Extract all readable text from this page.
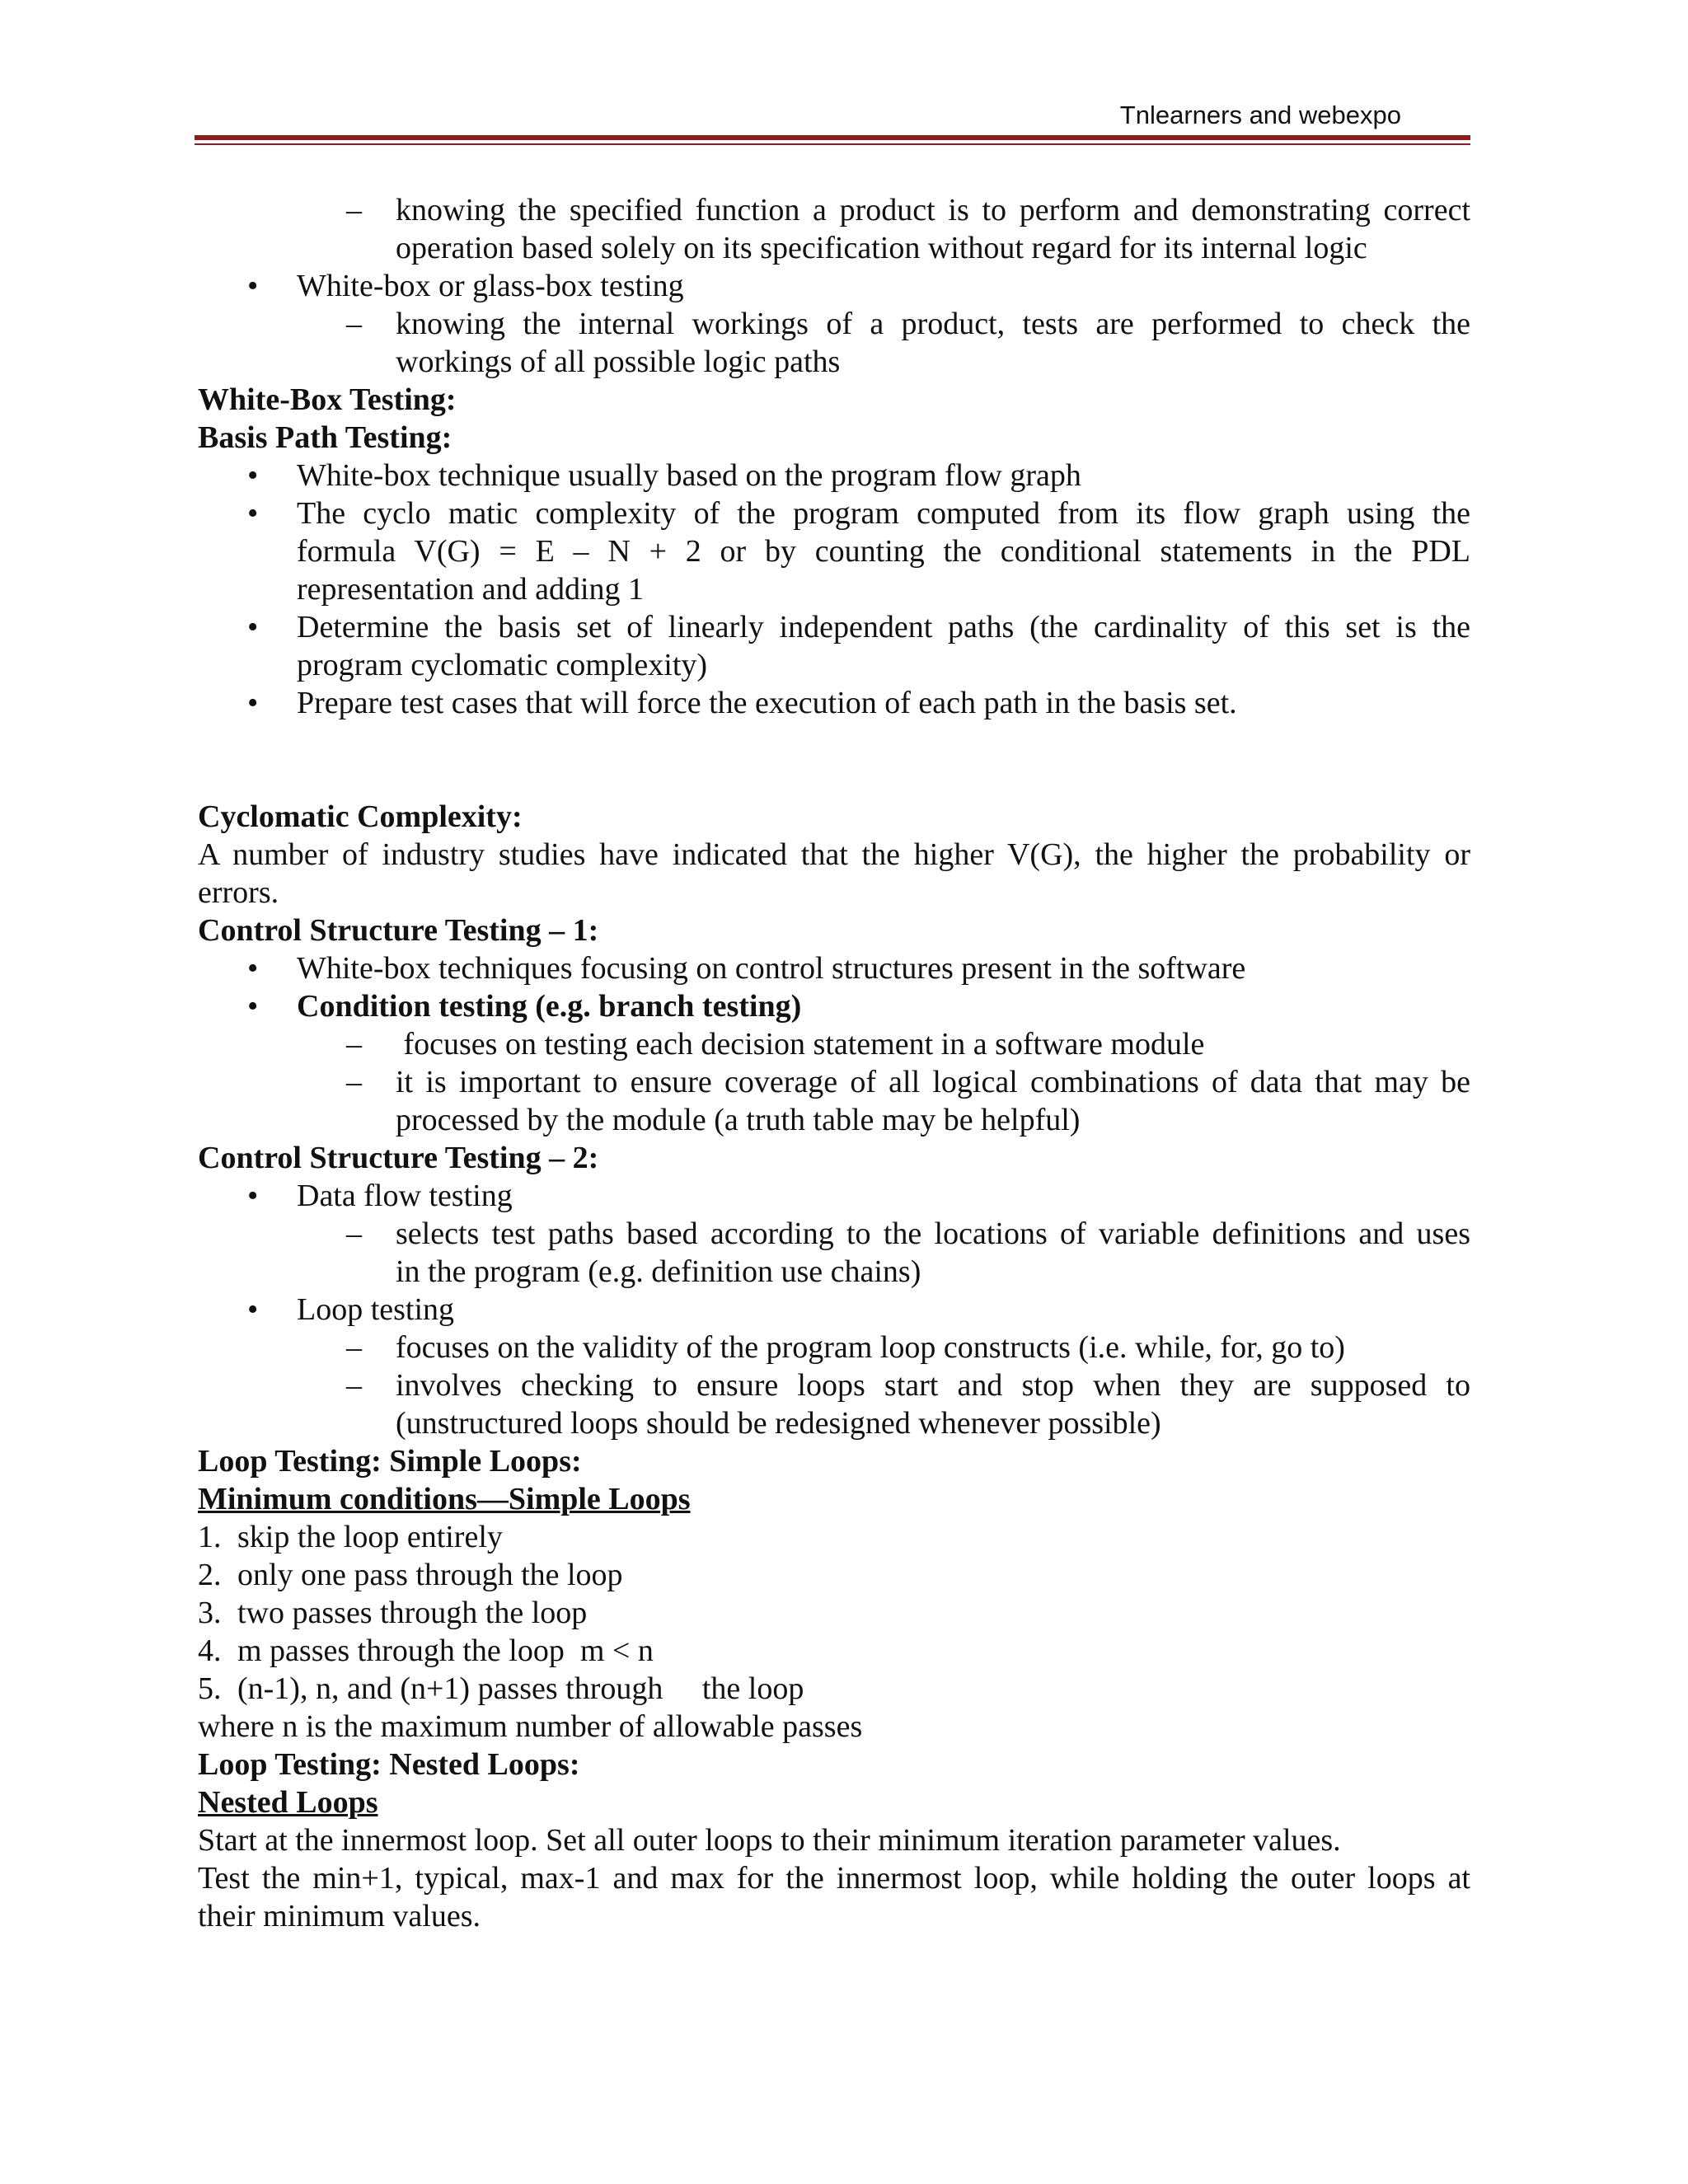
Tnlearners and webexpo
– knowing the specified function a product is to perform and demonstrating correct

operation based solely on its specification without regard for its internal logic

• White-box or glass-box testing

– knowing the internal workings of a product, tests are performed to check the

workings of all possible logic paths

White-Box Testing:

Basis Path Testing:

• White-box technique usually based on the program flow graph

• The cyclo matic complexity of the program computed from its flow graph using the

formula V(G) = E – N + 2 or by counting the conditional statements in the PDL

representation and adding 1

• Determine the basis set of linearly independent paths (the cardinality of this set is the

program cyclomatic complexity)

• Prepare test cases that will force the execution of each path in the basis set.

Cyclomatic Complexity:

A number of industry studies have indicated that the higher V(G), the higher the probability or

errors.

Control Structure Testing – 1:

• White-box techniques focusing on control structures present in the software

• Condition testing (e.g. branch testing)

– focuses on testing each decision statement in a software module

– it is important to ensure coverage of all logical combinations of data that may be

processed by the module (a truth table may be helpful)

Control Structure Testing – 2:

• Data flow testing

– selects test paths based according to the locations of variable definitions and uses

in the program (e.g. definition use chains)

• Loop testing

– focuses on the validity of the program loop constructs (i.e. while, for, go to)

– involves checking to ensure loops start and stop when they are supposed to

(unstructured loops should be redesigned whenever possible)

Loop Testing: Simple Loops:

Minimum conditions—Simple Loops

1. skip the loop entirely

2. only one pass through the loop

3. two passes through the loop

4. m passes through the loop  m < n

5. (n-1), n, and (n+1) passes through     the loop

where n is the maximum number of allowable passes

Loop Testing: Nested Loops:

Nested Loops

Start at the innermost loop. Set all outer loops to their minimum iteration parameter values.

Test the min+1, typical, max-1 and max for the innermost loop, while holding the outer loops at

their minimum values.
